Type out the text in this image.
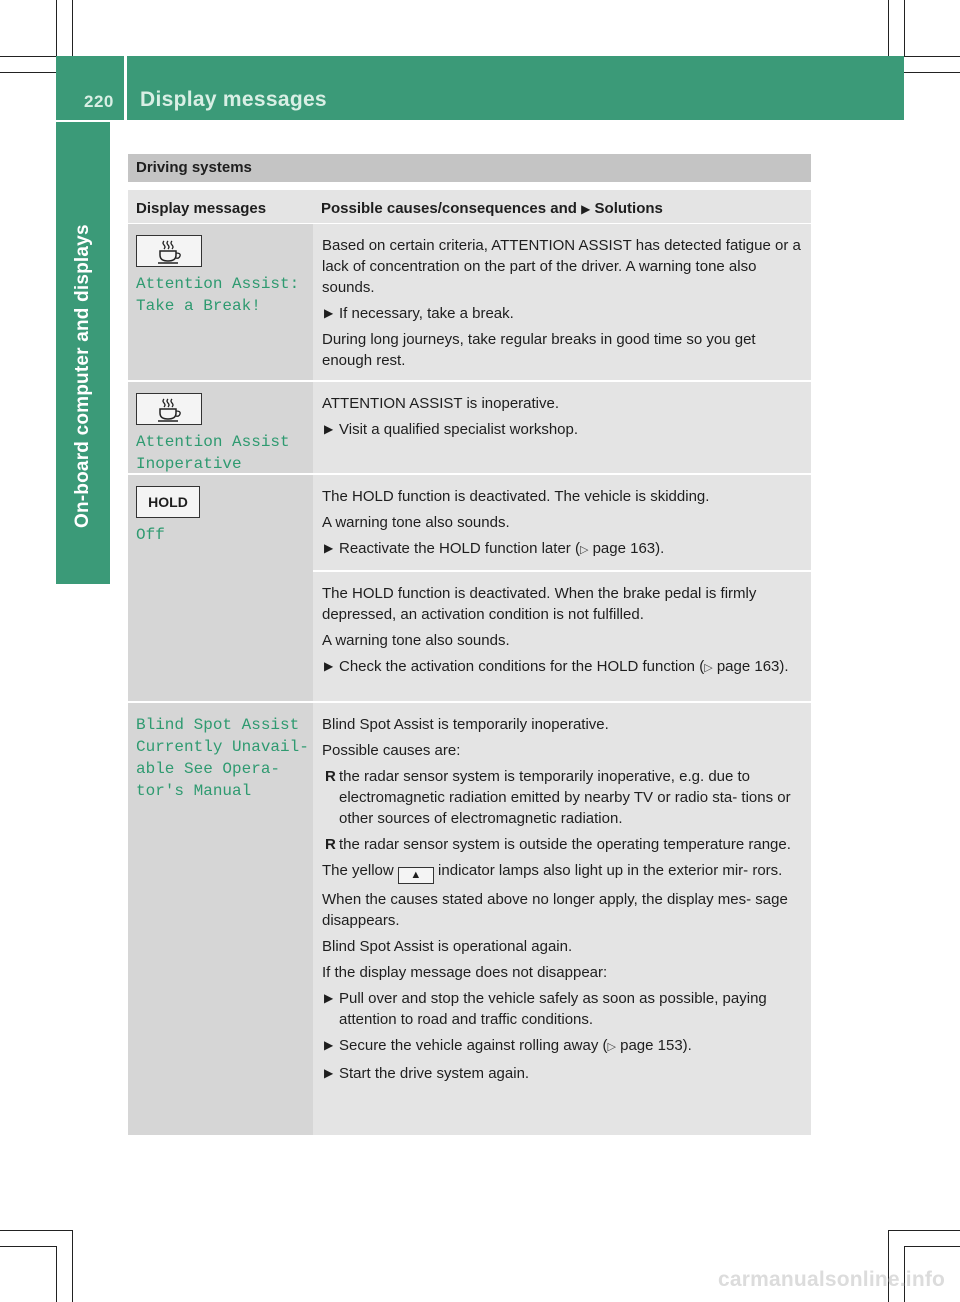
220 Display messages
On-board computer and displays
Driving systems
Display messages	Possible causes/consequences and ▶ Solutions
Attention Assist:
Take a Break!
Based on certain criteria, ATTENTION ASSIST has detected fatigue or a lack of concentration on the part of the driver. A warning tone also sounds.
▶ If necessary, take a break.
During long journeys, take regular breaks in good time so you get enough rest.
Attention Assist
Inoperative
ATTENTION ASSIST is inoperative.
▶ Visit a qualified specialist workshop.
HOLD
Off
The HOLD function is deactivated. The vehicle is skidding.
A warning tone also sounds.
▶ Reactivate the HOLD function later (▷ page 163).
The HOLD function is deactivated. When the brake pedal is firmly depressed, an activation condition is not fulfilled.
A warning tone also sounds.
▶ Check the activation conditions for the HOLD function (▷ page 163).
Blind Spot Assist
Currently Unavail‐
able See Opera‐
tor's Manual
Blind Spot Assist is temporarily inoperative.
Possible causes are:
R the radar sensor system is temporarily inoperative, e.g. due to electromagnetic radiation emitted by nearby TV or radio sta‐ tions or other sources of electromagnetic radiation.
R the radar sensor system is outside the operating temperature range.
The yellow ▲ indicator lamps also light up in the exterior mir‐ rors.
When the causes stated above no longer apply, the display mes‐ sage disappears.
Blind Spot Assist is operational again.
If the display message does not disappear:
▶ Pull over and stop the vehicle safely as soon as possible, paying attention to road and traffic conditions.
▶ Secure the vehicle against rolling away (▷ page 153).
▶ Start the drive system again.
carmanualsonline.info
